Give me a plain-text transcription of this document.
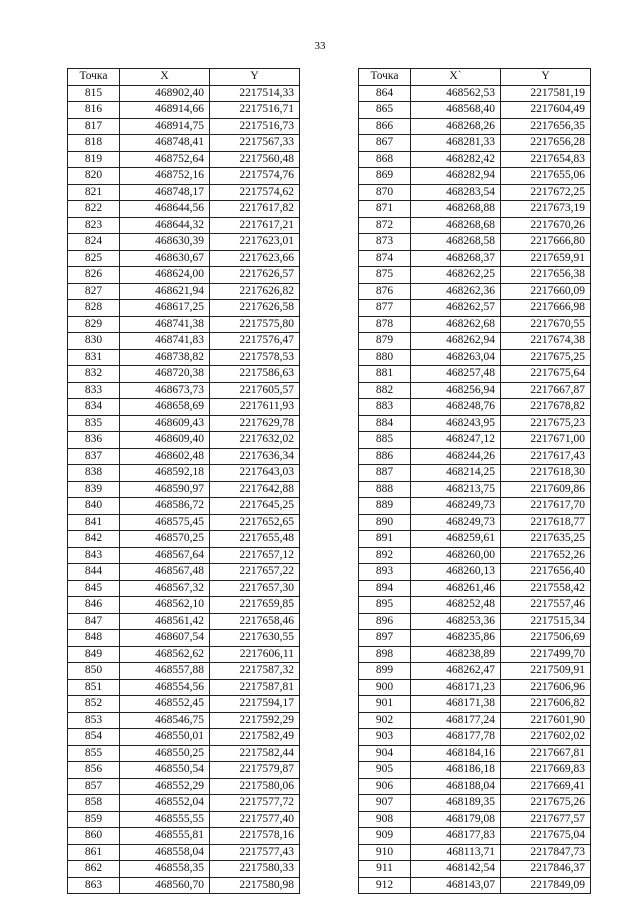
33
Точка	X	Y
815	468902,40	2217514,33
816	468914,66	2217516,71
817	468914,75	2217516,73
818	468748,41	2217567,33
819	468752,64	2217560,48
820	468752,16	2217574,76
821	468748,17	2217574,62
822	468644,56	2217617,82
823	468644,32	2217617,21
824	468630,39	2217623,01
825	468630,67	2217623,66
826	468624,00	2217626,57
827	468621,94	2217626,82
828	468617,25	2217626,58
829	468741,38	2217575,80
830	468741,83	2217576,47
831	468738,82	2217578,53
832	468720,38	2217586,63
833	468673,73	2217605,57
834	468658,69	2217611,93
835	468609,43	2217629,78
836	468609,40	2217632,02
837	468602,48	2217636,34
838	468592,18	2217643,03
839	468590,97	2217642,88
840	468586,72	2217645,25
841	468575,45	2217652,65
842	468570,25	2217655,48
843	468567,64	2217657,12
844	468567,48	2217657,22
845	468567,32	2217657,30
846	468562,10	2217659,85
847	468561,42	2217658,46
848	468607,54	2217630,55
849	468562,62	2217606,11
850	468557,88	2217587,32
851	468554,56	2217587,81
852	468552,45	2217594,17
853	468546,75	2217592,29
854	468550,01	2217582,49
855	468550,25	2217582,44
856	468550,54	2217579,87
857	468552,29	2217580,06
858	468552,04	2217577,72
859	468555,55	2217577,40
860	468555,81	2217578,16
861	468558,04	2217577,43
862	468558,35	2217580,33
863	468560,70	2217580,98
Точка	X`	Y
864	468562,53	2217581,19
865	468568,40	2217604,49
866	468268,26	2217656,35
867	468281,33	2217656,28
868	468282,42	2217654,83
869	468282,94	2217655,06
870	468283,54	2217672,25
871	468268,88	2217673,19
872	468268,68	2217670,26
873	468268,58	2217666,80
874	468268,37	2217659,91
875	468262,25	2217656,38
876	468262,36	2217660,09
877	468262,57	2217666,98
878	468262,68	2217670,55
879	468262,94	2217674,38
880	468263,04	2217675,25
881	468257,48	2217675,64
882	468256,94	2217667,87
883	468248,76	2217678,82
884	468243,95	2217675,23
885	468247,12	2217671,00
886	468244,26	2217617,43
887	468214,25	2217618,30
888	468213,75	2217609,86
889	468249,73	2217617,70
890	468249,73	2217618,77
891	468259,61	2217635,25
892	468260,00	2217652,26
893	468260,13	2217656,40
894	468261,46	2217558,42
895	468252,48	2217557,46
896	468253,36	2217515,34
897	468235,86	2217506,69
898	468238,89	2217499,70
899	468262,47	2217509,91
900	468171,23	2217606,96
901	468171,38	2217606,82
902	468177,24	2217601,90
903	468177,78	2217602,02
904	468184,16	2217667,81
905	468186,18	2217669,83
906	468188,04	2217669,41
907	468189,35	2217675,26
908	468179,08	2217677,57
909	468177,83	2217675,04
910	468113,71	2217847,73
911	468142,54	2217846,37
912	468143,07	2217849,09
